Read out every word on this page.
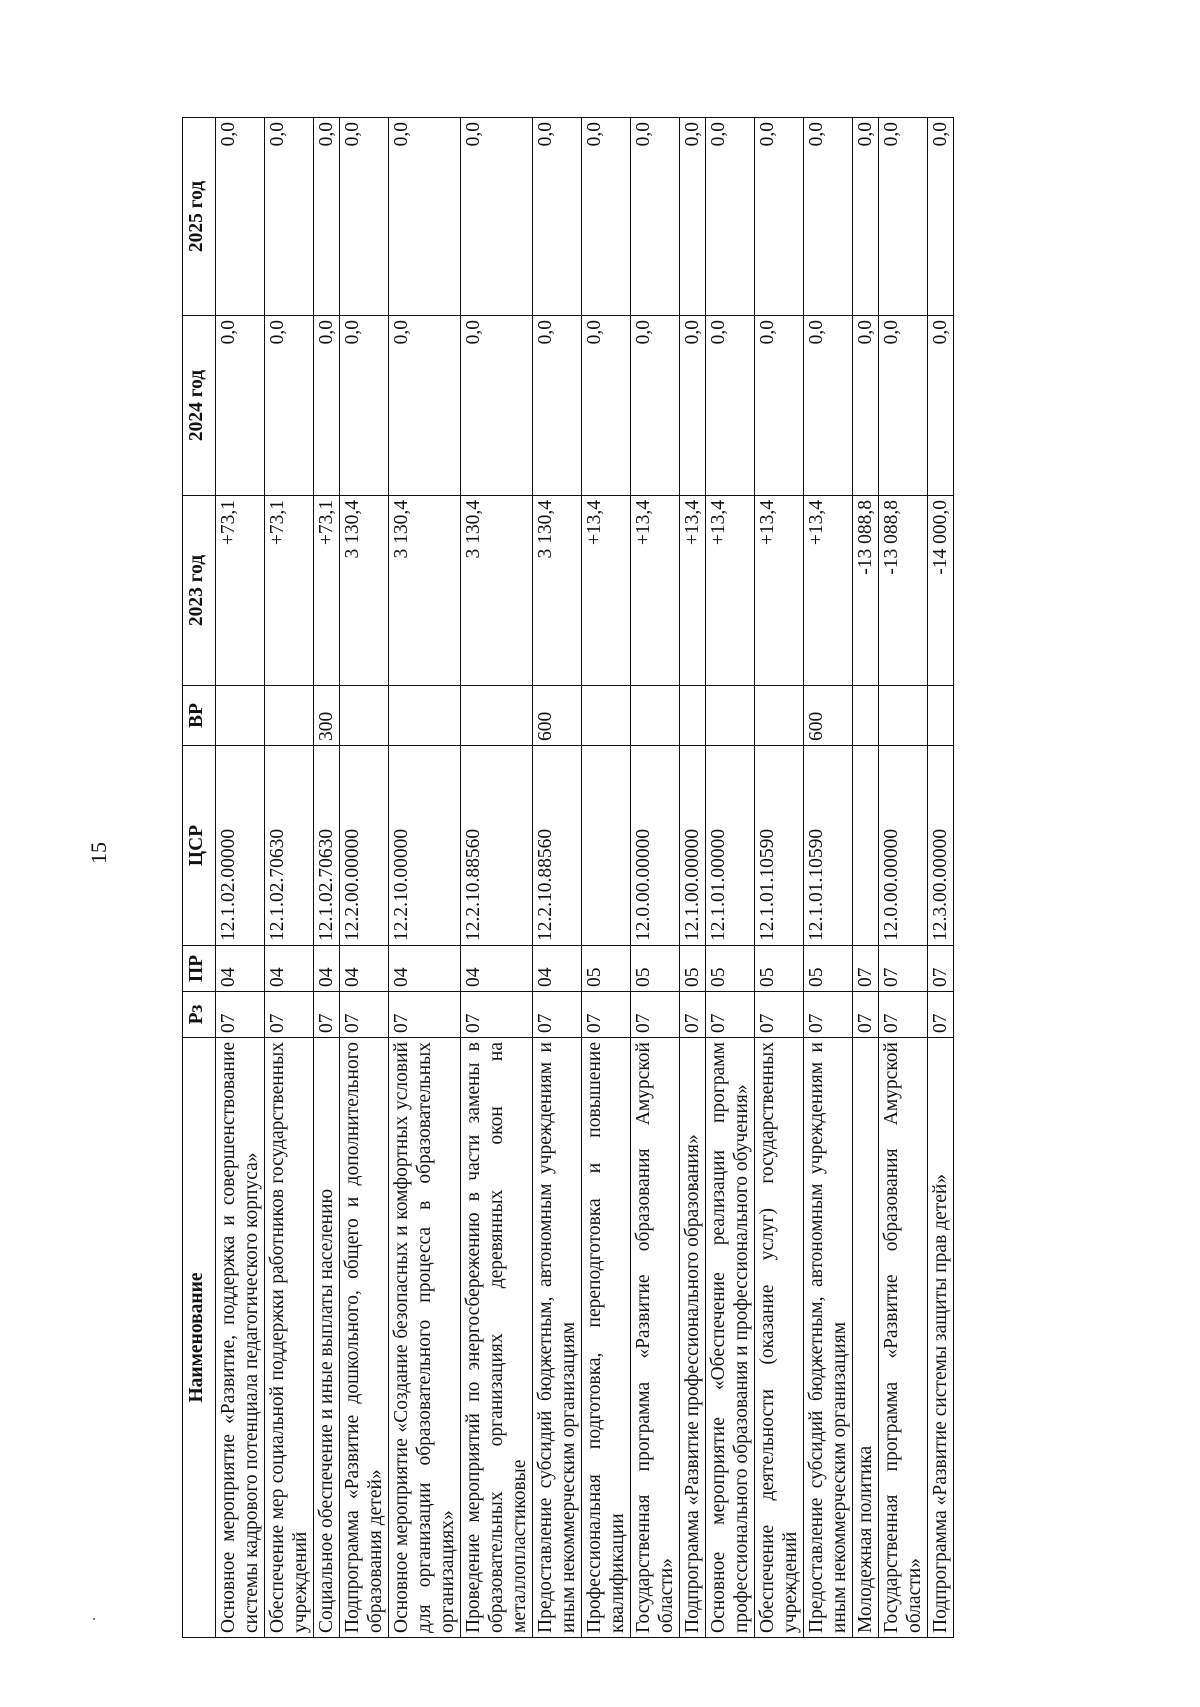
15
Наименование	Рз	ПР	ЦСР	ВР	2023 год	2024 год	2025 год
Основное мероприятие «Развитие, поддержка и совершенствование системы кадрового потенциала педагогического корпуса»	07	04	12.1.02.00000		+73,1	0,0	0,0
Обеспечение мер социальной поддержки работников государственных учреждений	07	04	12.1.02.70630		+73,1	0,0	0,0
Социальное обеспечение и иные выплаты населению	07	04	12.1.02.70630	300	+73,1	0,0	0,0
Подпрограмма «Развитие дошкольного, общего и дополнительного образования детей»	07	04	12.2.00.00000		3 130,4	0,0	0,0
Основное мероприятие «Создание безопасных и комфортных условий для организации образовательного процесса в образовательных организациях»	07	04	12.2.10.00000		3 130,4	0,0	0,0
Проведение мероприятий по энергосбережению в части замены в образовательных организациях деревянных окон на металлопластиковые	07	04	12.2.10.88560		3 130,4	0,0	0,0
Предоставление субсидий бюджетным, автономным учреждениям и иным некоммерческим организациям	07	04	12.2.10.88560	600	3 130,4	0,0	0,0
Профессиональная подготовка, переподготовка и повышение квалификации	07	05			+13,4	0,0	0,0
Государственная программа «Развитие образования Амурской области»	07	05	12.0.00.00000		+13,4	0,0	0,0
Подпрограмма «Развитие профессионального образования»	07	05	12.1.00.00000		+13,4	0,0	0,0
Основное мероприятие «Обеспечение реализации программ профессионального образования и профессионального обучения»	07	05	12.1.01.00000		+13,4	0,0	0,0
Обеспечение деятельности (оказание услуг) государственных учреждений	07	05	12.1.01.10590		+13,4	0,0	0,0
Предоставление субсидий бюджетным, автономным учреждениям и иным некоммерческим организациям	07	05	12.1.01.10590	600	+13,4	0,0	0,0
Молодежная политика	07	07			-13 088,8	0,0	0,0
Государственная программа «Развитие образования Амурской области»	07	07	12.0.00.00000		-13 088,8	0,0	0,0
Подпрограмма «Развитие системы защиты прав детей»	07	07	12.3.00.00000		-14 000,0	0,0	0,0
